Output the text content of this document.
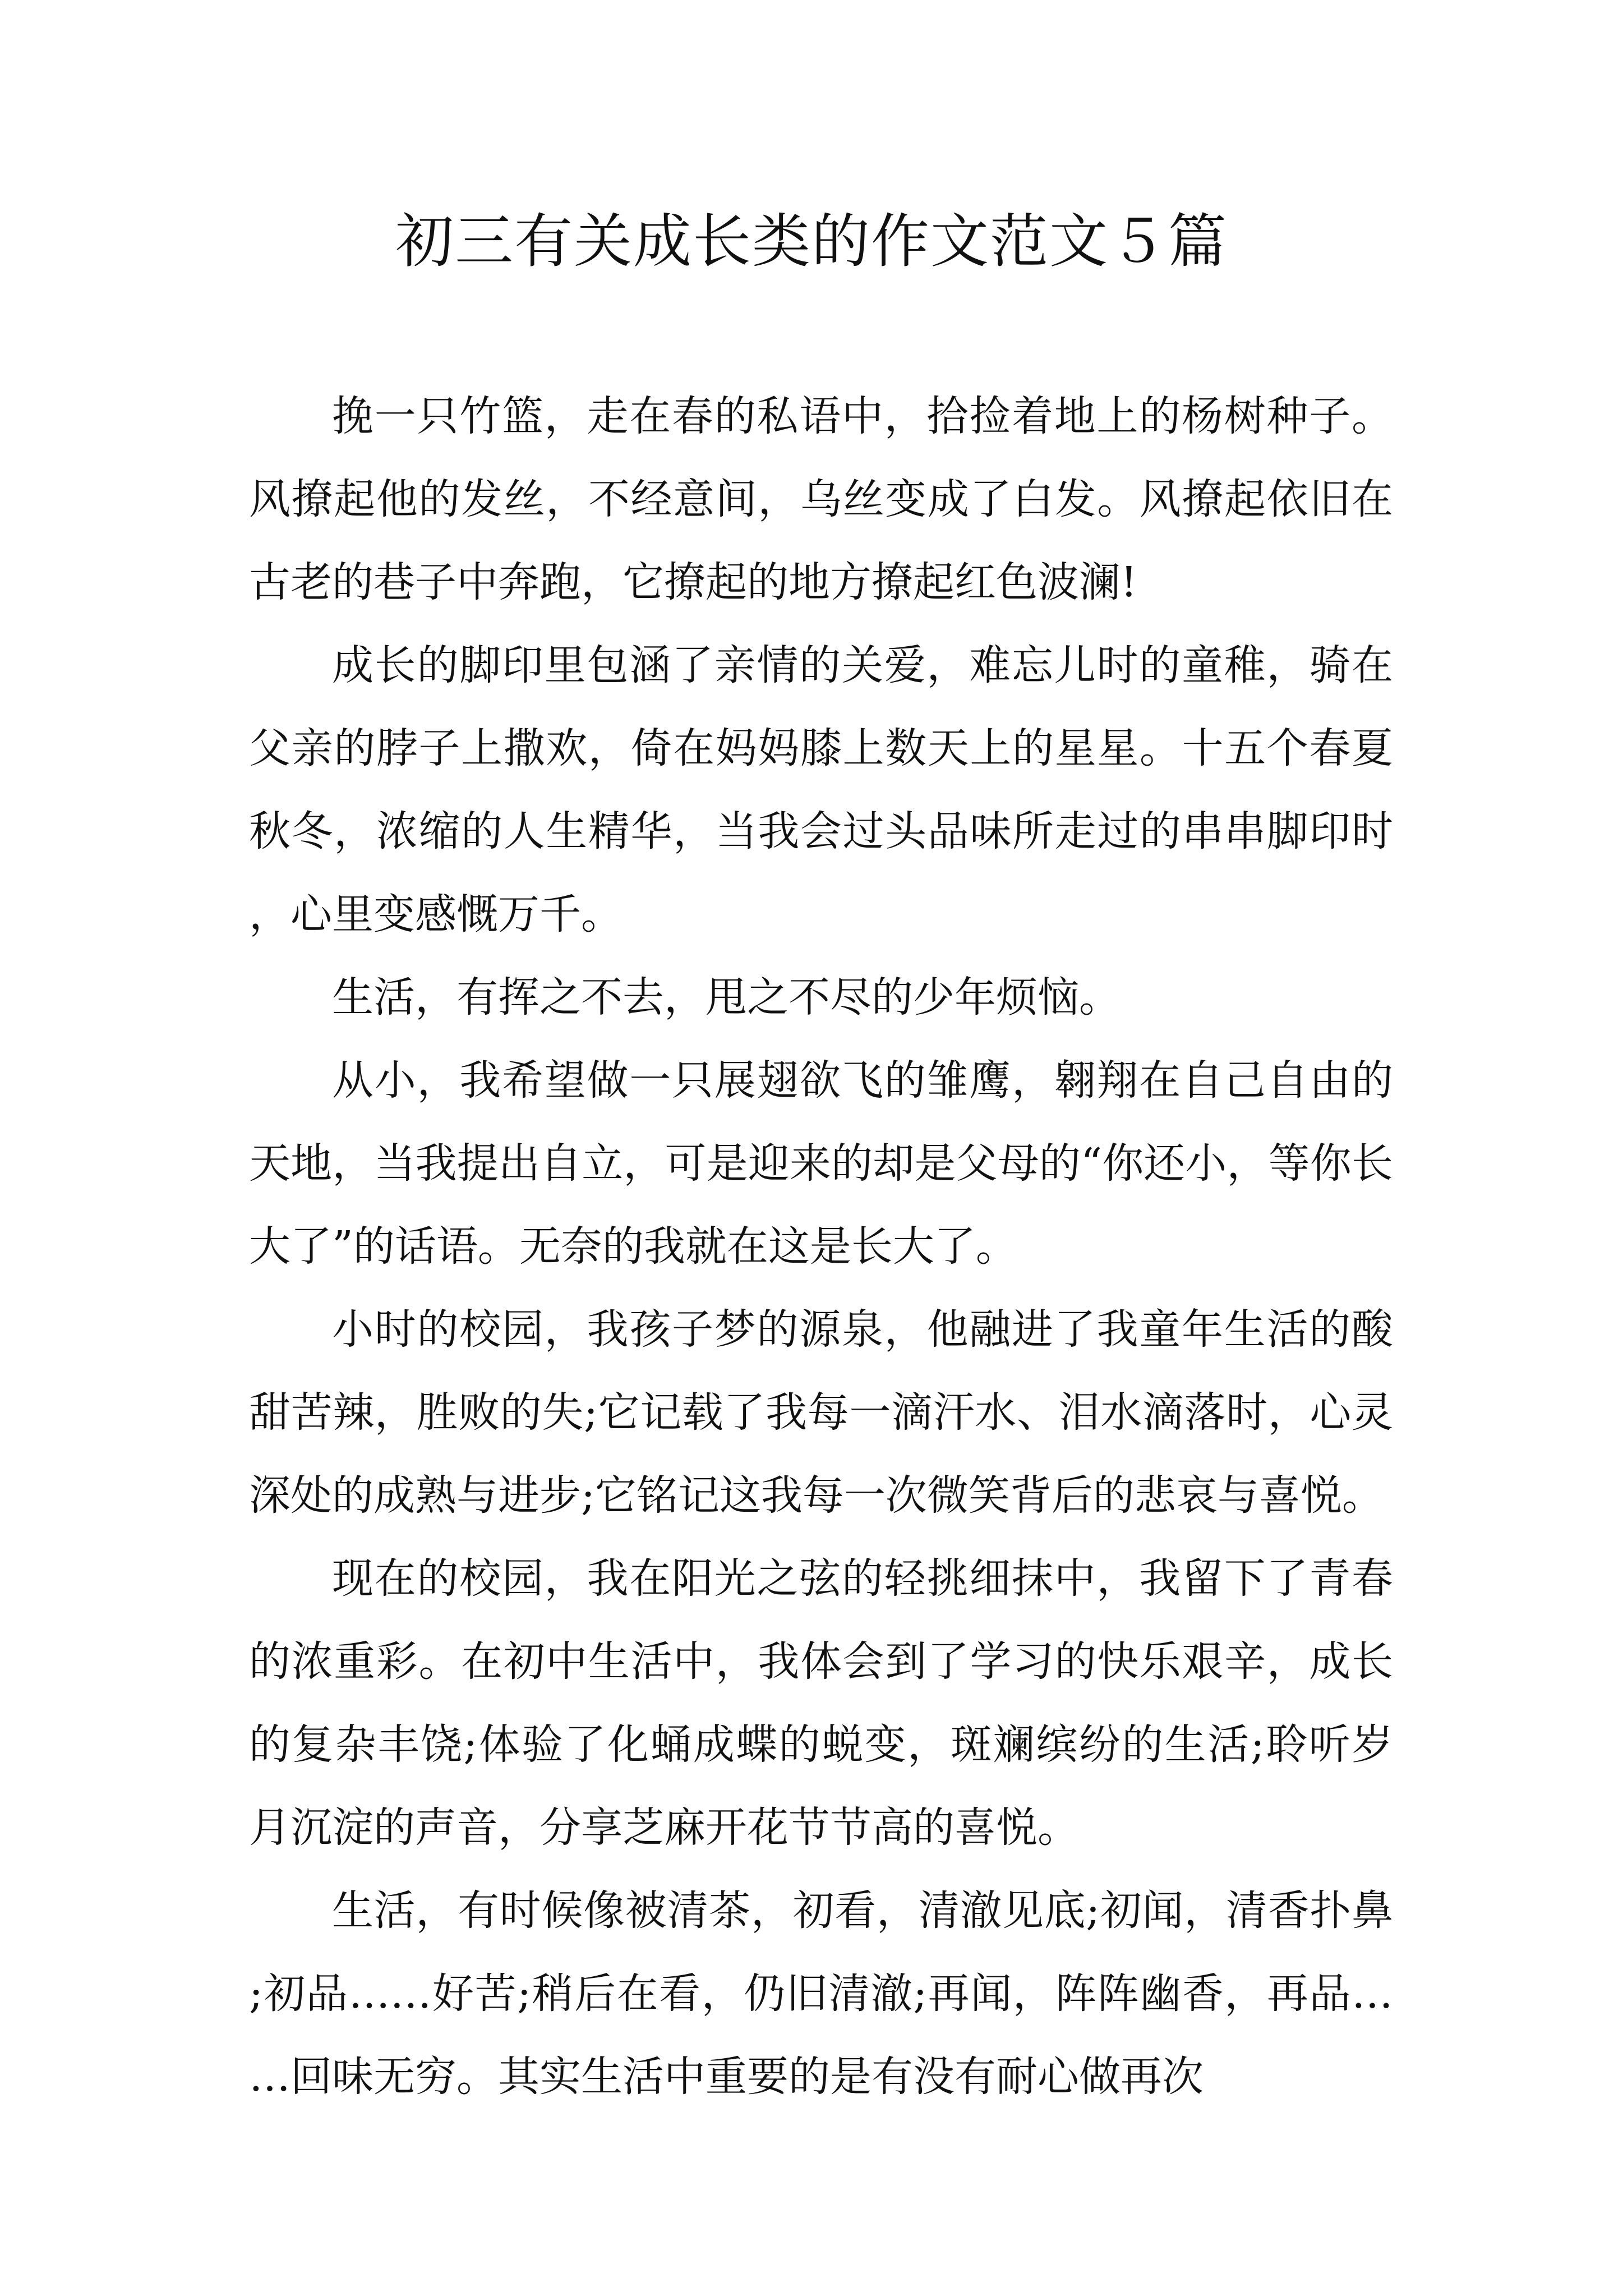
初三有关成长类的作文范文５篇

挽一只竹篮，走在春的私语中，拾捡着地上的杨树种子。风撩起他的发丝，不经意间，乌丝变成了白发。风撩起依旧在古老的巷子中奔跑，它撩起的地方撩起红色波澜!

成长的脚印里包涵了亲情的关爱，难忘儿时的童稚，骑在父亲的脖子上撒欢，倚在妈妈膝上数天上的星星。十五个春夏秋冬，浓缩的人生精华，当我会过头品味所走过的串串脚印时，心里变感慨万千。

生活，有挥之不去，甩之不尽的少年烦恼。

从小，我希望做一只展翅欲飞的雏鹰，翱翔在自己自由的天地，当我提出自立，可是迎来的却是父母的“你还小，等你长大了”的话语。无奈的我就在这是长大了。

小时的校园，我孩子梦的源泉，他融进了我童年生活的酸甜苦辣，胜败的失;它记载了我每一滴汗水、泪水滴落时，心灵深处的成熟与进步;它铭记这我每一次微笑背后的悲哀与喜悦。

现在的校园，我在阳光之弦的轻挑细抹中，我留下了青春的浓重彩。在初中生活中，我体会到了学习的快乐艰辛，成长的复杂丰饶;体验了化蛹成蝶的蜕变，斑斓缤纷的生活;聆听岁月沉淀的声音，分享芝麻开花节节高的喜悦。

生活，有时候像被清茶，初看，清澈见底;初闻，清香扑鼻;初品……好苦;稍后在看，仍旧清澈;再闻，阵阵幽香，再品……回味无穷。其实生活中重要的是有没有耐心做再次
